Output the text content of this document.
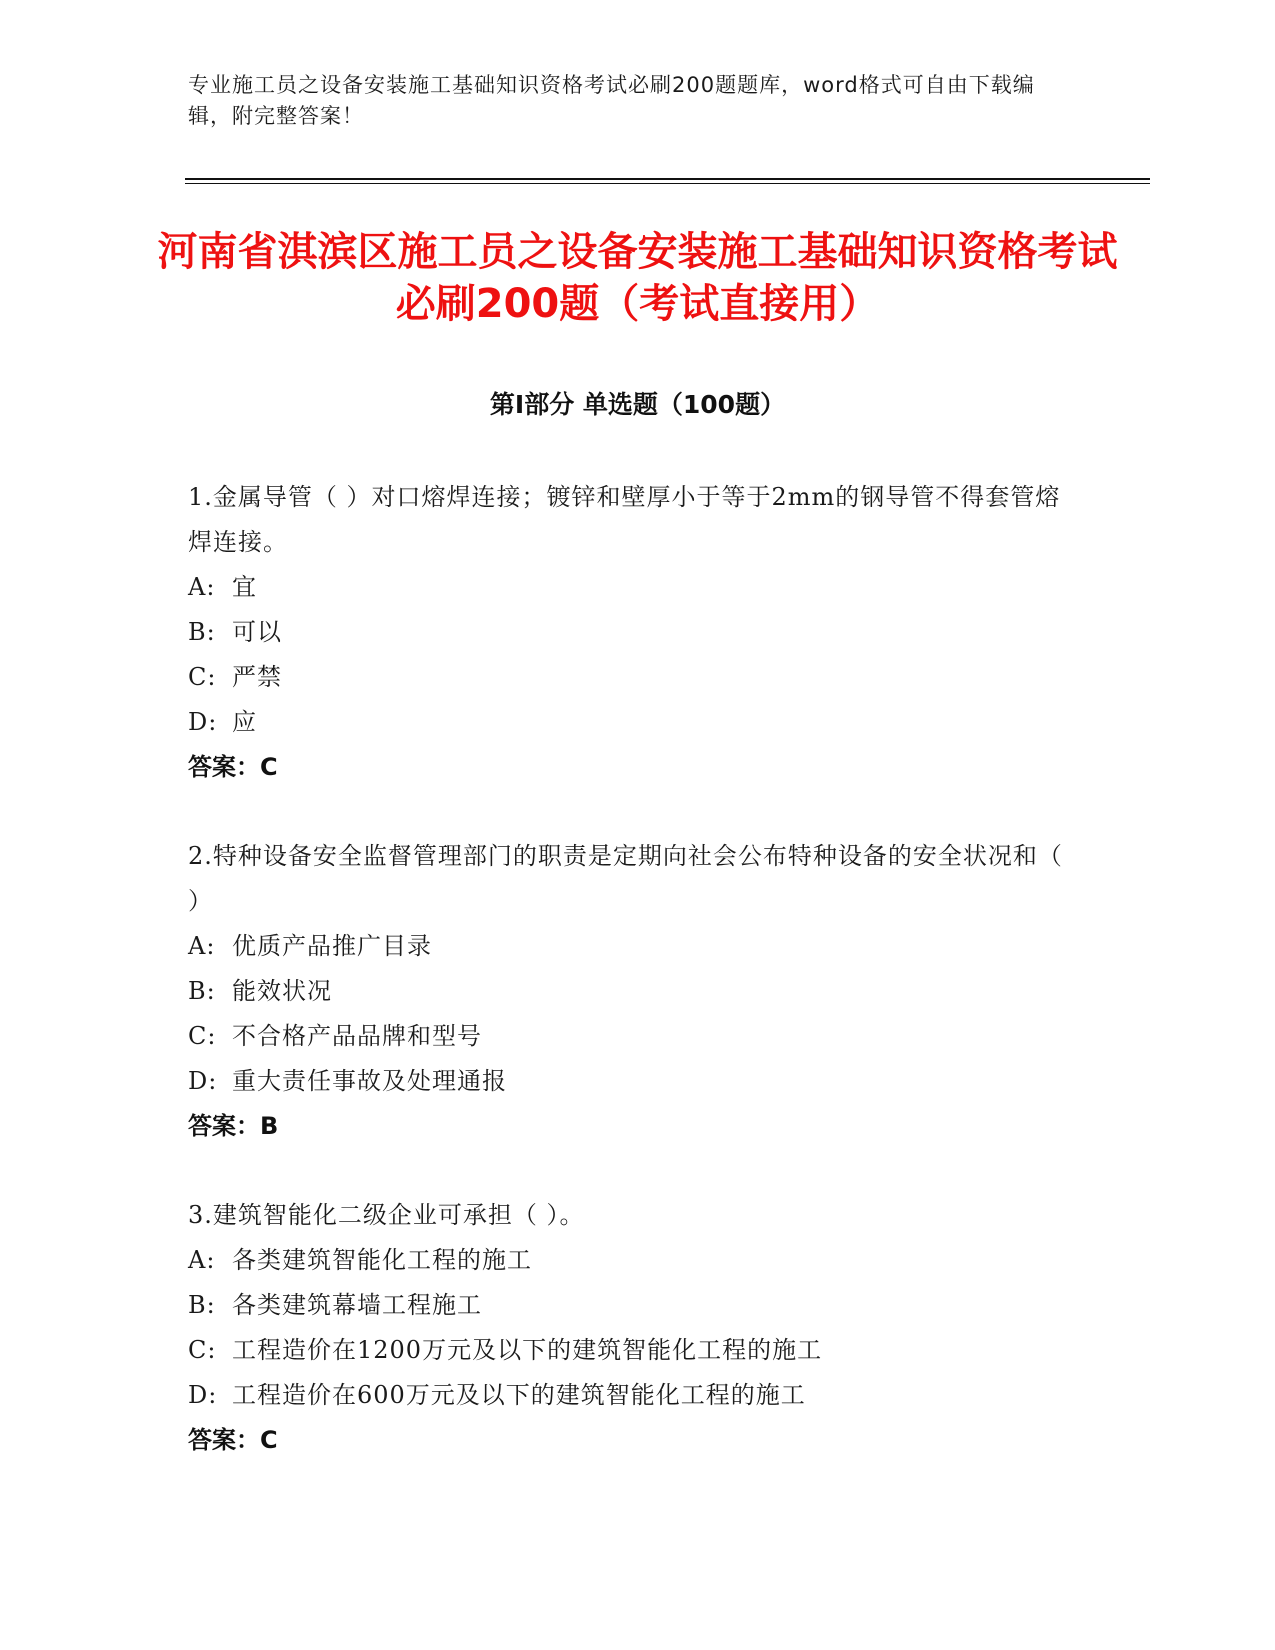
专业施工员之设备安装施工基础知识资格考试必刷200题题库，word格式可自由下载编辑，附完整答案！
河南省淇滨区施工员之设备安装施工基础知识资格考试必刷200题（考试直接用）
第I部分 单选题（100题）
1.金属导管（ ）对口熔焊连接；镀锌和壁厚小于等于2mm的钢导管不得套管熔焊连接。
A: 宜
B: 可以
C: 严禁
D: 应
答案：C
2.特种设备安全监督管理部门的职责是定期向社会公布特种设备的安全状况和（ ）
A: 优质产品推广目录
B: 能效状况
C: 不合格产品品牌和型号
D: 重大责任事故及处理通报
答案：B
3.建筑智能化二级企业可承担（ ）。
A: 各类建筑智能化工程的施工
B: 各类建筑幕墙工程施工
C: 工程造价在1200万元及以下的建筑智能化工程的施工
D: 工程造价在600万元及以下的建筑智能化工程的施工
答案：C
